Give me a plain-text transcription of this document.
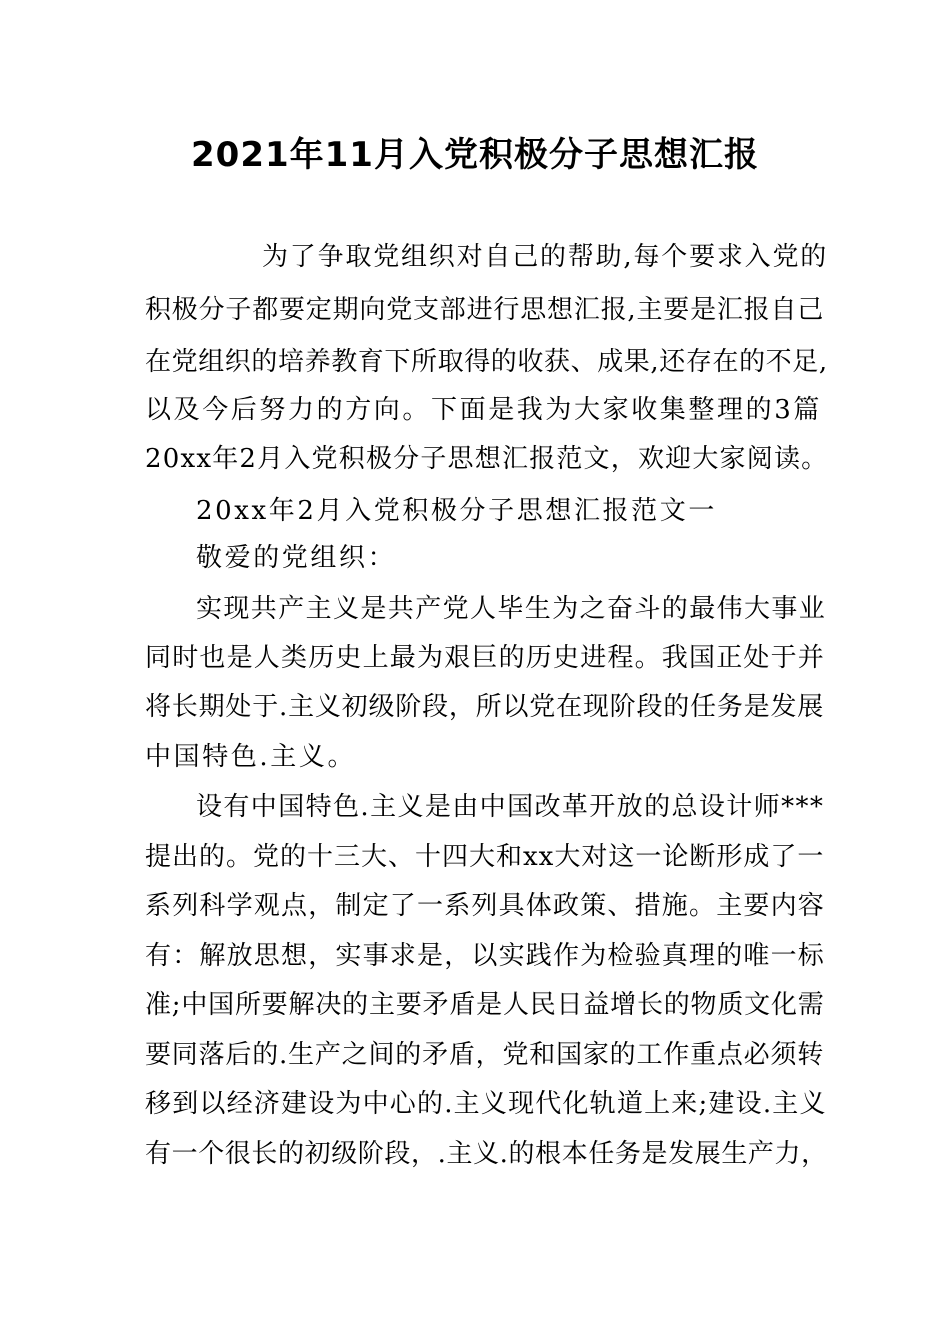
2021年11月入党积极分子思想汇报

为了争取党组织对自己的帮助,每个要求入党的

积极分子都要定期向党支部进行思想汇报,主要是汇报自己

在党组织的培养教育下所取得的收获、成果,还存在的不足,

以及今后努力的方向。下面是我为大家收集整理的3篇

20xx年2月入党积极分子思想汇报范文，欢迎大家阅读。

20xx年2月入党积极分子思想汇报范文一

敬爱的党组织：

实现共产主义是共产党人毕生为之奋斗的最伟大事业

同时也是人类历史上最为艰巨的历史进程。我国正处于并

将长期处于.主义初级阶段，所以党在现阶段的任务是发展

中国特色.主义。

设有中国特色.主义是由中国改革开放的总设计师***

提出的。党的十三大、十四大和xx大对这一论断形成了一

系列科学观点，制定了一系列具体政策、措施。主要内容

有：解放思想，实事求是，以实践作为检验真理的唯一标

准;中国所要解决的主要矛盾是人民日益增长的物质文化需

要同落后的.生产之间的矛盾，党和国家的工作重点必须转

移到以经济建设为中心的.主义现代化轨道上来;建设.主义

有一个很长的初级阶段，.主义.的根本任务是发展生产力，
